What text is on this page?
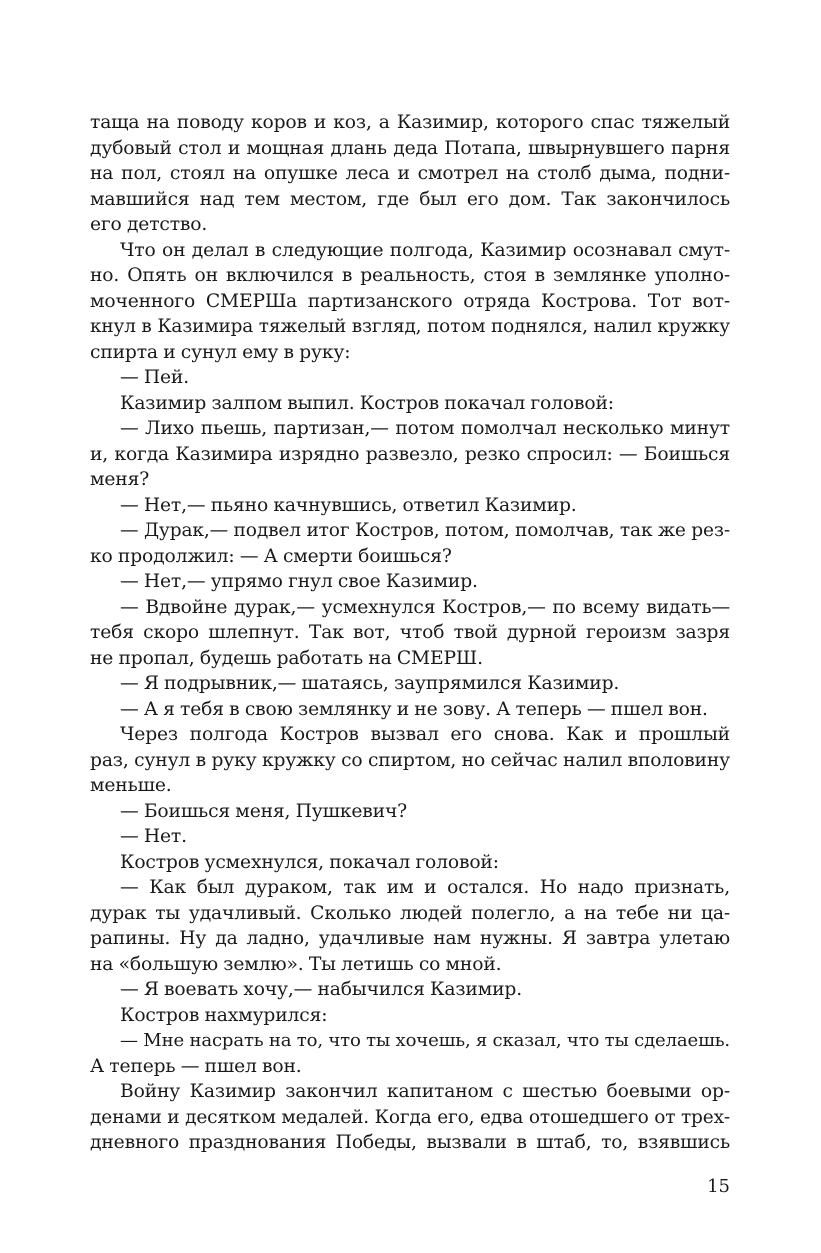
таща на поводу коров и коз, а Казимир, которого спас тяжелый
дубовый стол и мощная длань деда Потапа, швырнувшего парня
на пол, стоял на опушке леса и смотрел на столб дыма, подни-
мавшийся над тем местом, где был его дом. Так закончилось
его детство.
Что он делал в следующие полгода, Казимир осознавал смут-
но. Опять он включился в реальность, стоя в землянке уполно-
моченного СМЕРШа партизанского отряда Кострова. Тот вот-
кнул в Казимира тяжелый взгляд, потом поднялся, налил кружку
спирта и сунул ему в руку:
— Пей.
Казимир залпом выпил. Костров покачал головой:
— Лихо пьешь, партизан,— потом помолчал несколько минут
и, когда Казимира изрядно развезло, резко спросил: — Боишься
меня?
— Нет,— пьяно качнувшись, ответил Казимир.
— Дурак,— подвел итог Костров, потом, помолчав, так же рез-
ко продолжил: — А смерти боишься?
— Нет,— упрямо гнул свое Казимир.
— Вдвойне дурак,— усмехнулся Костров,— по всему видать—
тебя скоро шлепнут. Так вот, чтоб твой дурной героизм зазря
не пропал, будешь работать на СМЕРШ.
— Я подрывник,— шатаясь, заупрямился Казимир.
— А я тебя в свою землянку и не зову. А теперь — пшел вон.
Через полгода Костров вызвал его снова. Как и прошлый
раз, сунул в руку кружку со спиртом, но сейчас налил вполовину
меньше.
— Боишься меня, Пушкевич?
— Нет.
Костров усмехнулся, покачал головой:
— Как был дураком, так им и остался. Но надо признать,
дурак ты удачливый. Сколько людей полегло, а на тебе ни ца-
рапины. Ну да ладно, удачливые нам нужны. Я завтра улетаю
на «большую землю». Ты летишь со мной.
— Я воевать хочу,— набычился Казимир.
Костров нахмурился:
— Мне насрать на то, что ты хочешь, я сказал, что ты сделаешь.
А теперь — пшел вон.
Войну Казимир закончил капитаном с шестью боевыми ор-
денами и десятком медалей. Когда его, едва отошедшего от трех-
дневного празднования Победы, вызвали в штаб, то, взявшись
15
